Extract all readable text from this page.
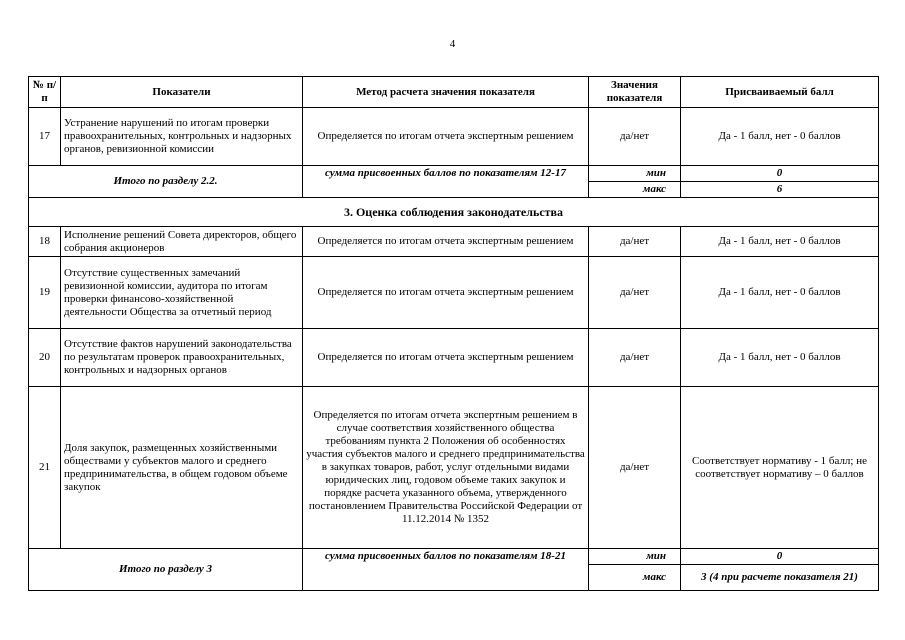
4
№ п/п	Показатели	Метод расчета значения показателя	Значения показателя	Присваиваемый балл
17	Устранение нарушений по итогам проверки правоохранительных, контрольных и надзорных органов, ревизионной комиссии	Определяется по итогам отчета экспертным решением	да/нет	Да - 1 балл, нет - 0 баллов
Итого по разделу 2.2.		сумма присвоенных баллов по показателям 12-17	мин	0
			макс	6
3. Оценка соблюдения законодательства				
18	Исполнение решений Совета директоров, общего собрания акционеров	Определяется по итогам отчета экспертным решением	да/нет	Да - 1 балл, нет - 0 баллов
19	Отсутствие существенных замечаний ревизионной комиссии, аудитора по итогам проверки финансово-хозяйственной деятельности Общества за отчетный период	Определяется по итогам отчета экспертным решением	да/нет	Да - 1 балл, нет - 0 баллов
20	Отсутствие фактов нарушений законодательства по результатам проверок правоохранительных, контрольных и надзорных органов	Определяется по итогам отчета экспертным решением	да/нет	Да - 1 балл, нет - 0 баллов
21	Доля закупок, размещенных хозяйственными обществами у субъектов малого и среднего предпринимательства, в общем годовом объеме закупок	Определяется по итогам отчета экспертным решением в случае соответствия хозяйственного общества требованиям пункта 2 Положения об особенностях участия субъектов малого и среднего предпринимательства в закупках товаров, работ, услуг отдельными видами юридических лиц, годовом объеме таких закупок и порядке расчета указанного объема, утвержденного постановлением Правительства Российской Федерации от 11.12.2014 № 1352	да/нет	Соответствует нормативу - 1 балл; не соответствует нормативу – 0 баллов
Итого по разделу 3		сумма присвоенных баллов по показателям 18-21	мин	0
			макс	3 (4 при расчете показателя 21)
